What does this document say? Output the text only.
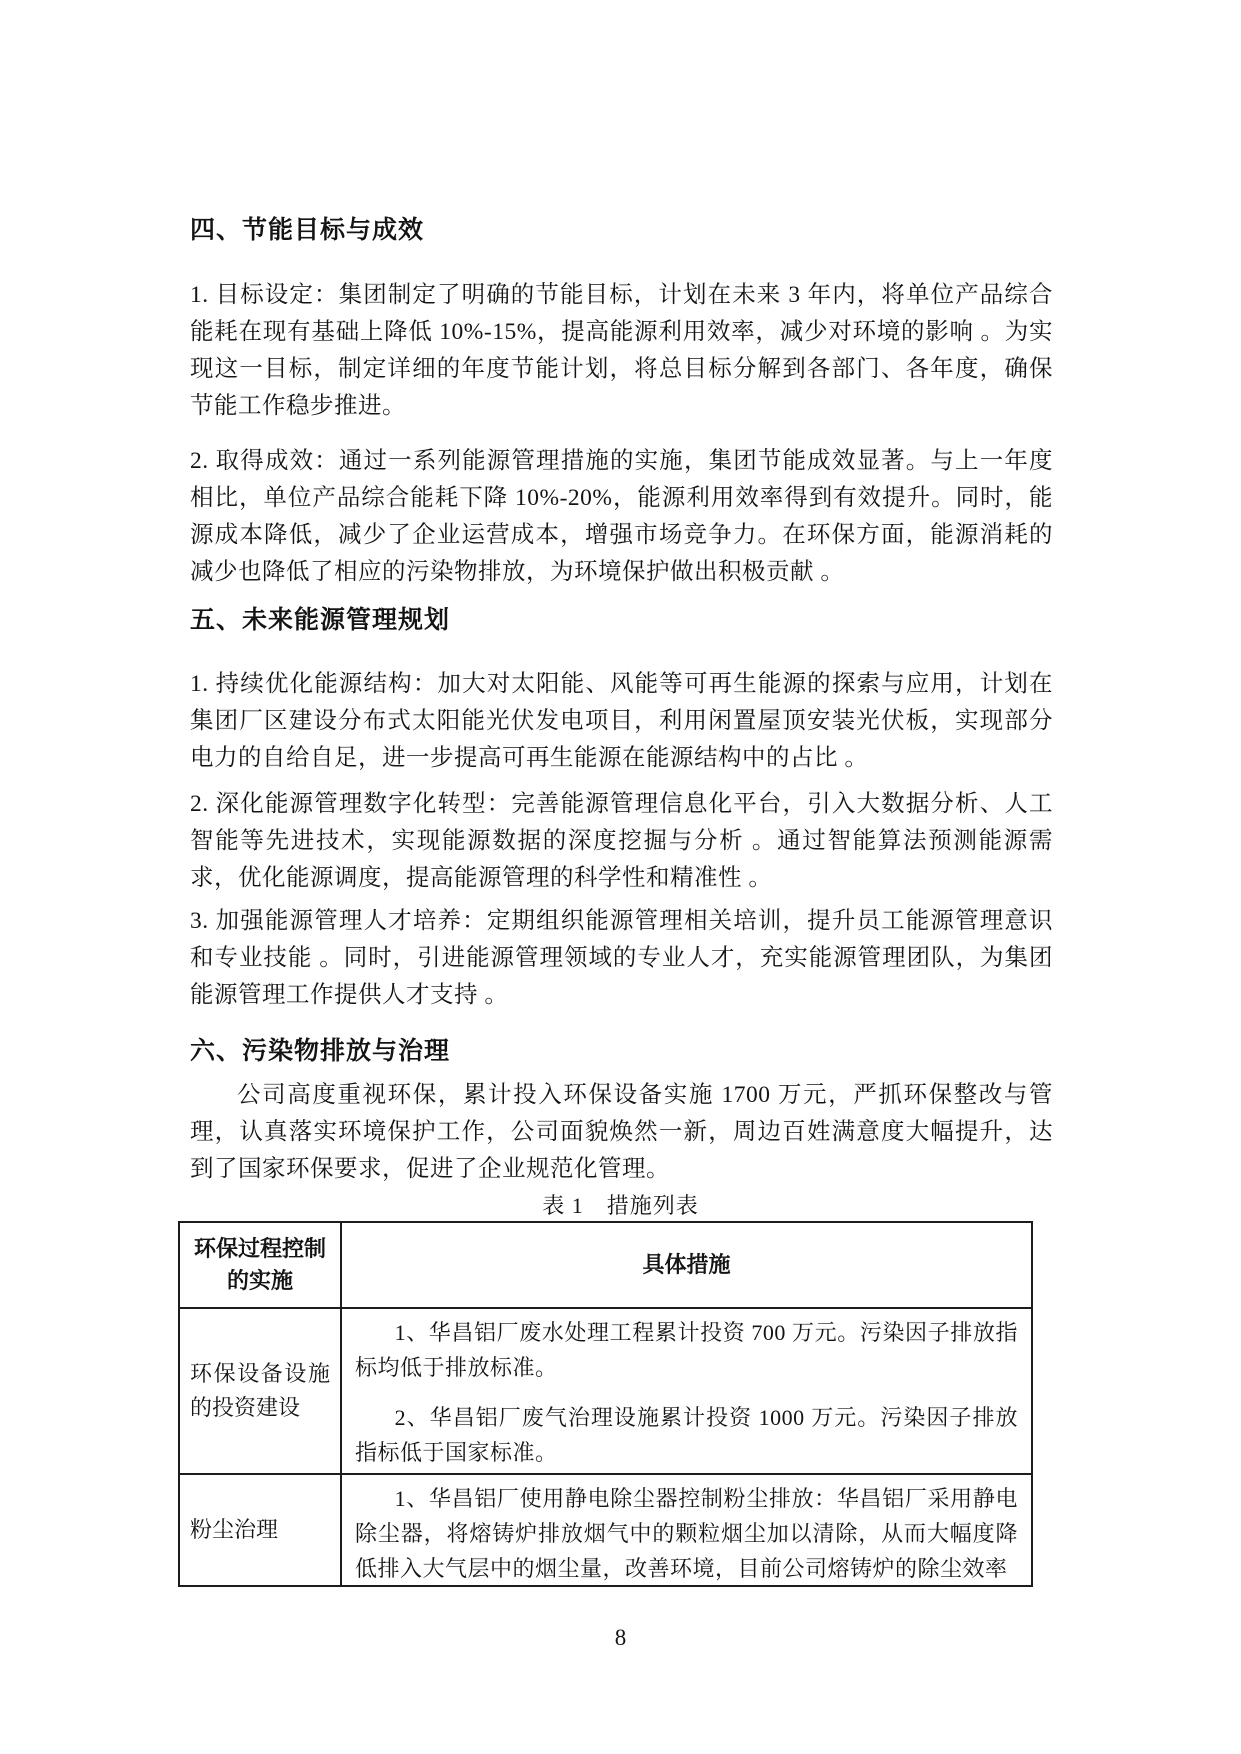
四、节能目标与成效
1. 目标设定：集团制定了明确的节能目标，计划在未来 3 年内，将单位产品综合能耗在现有基础上降低 10%-15%，提高能源利用效率，减少对环境的影响 。为实现这一目标，制定详细的年度节能计划，将总目标分解到各部门、各年度，确保节能工作稳步推进。
2. 取得成效：通过一系列能源管理措施的实施，集团节能成效显著。与上一年度相比，单位产品综合能耗下降 10%-20%，能源利用效率得到有效提升。同时，能源成本降低，减少了企业运营成本，增强市场竞争力。在环保方面，能源消耗的减少也降低了相应的污染物排放，为环境保护做出积极贡献 。
五、未来能源管理规划
1. 持续优化能源结构：加大对太阳能、风能等可再生能源的探索与应用，计划在集团厂区建设分布式太阳能光伏发电项目，利用闲置屋顶安装光伏板，实现部分电力的自给自足，进一步提高可再生能源在能源结构中的占比 。
2. 深化能源管理数字化转型：完善能源管理信息化平台，引入大数据分析、人工智能等先进技术，实现能源数据的深度挖掘与分析 。通过智能算法预测能源需求，优化能源调度，提高能源管理的科学性和精准性 。
3. 加强能源管理人才培养：定期组织能源管理相关培训，提升员工能源管理意识和专业技能 。同时，引进能源管理领域的专业人才，充实能源管理团队，为集团能源管理工作提供人才支持 。
六、污染物排放与治理
公司高度重视环保，累计投入环保设备实施 1700 万元，严抓环保整改与管理，认真落实环境保护工作，公司面貌焕然一新，周边百姓满意度大幅提升，达到了国家环保要求，促进了企业规范化管理。
表 1　措施列表
环保过程控制的实施
具体措施
环保设备设施的投资建设

1、华昌铝厂废水处理工程累计投资 700 万元。污染因子排放指标均低于排放标准。

2、华昌铝厂废气治理设施累计投资 1000 万元。污染因子排放指标低于国家标准。

粉尘治理

1、华昌铝厂使用静电除尘器控制粉尘排放：华昌铝厂采用静电除尘器，将熔铸炉排放烟气中的颗粒烟尘加以清除，从而大幅度降低排入大气层中的烟尘量，改善环境，目前公司熔铸炉的除尘效率

8
